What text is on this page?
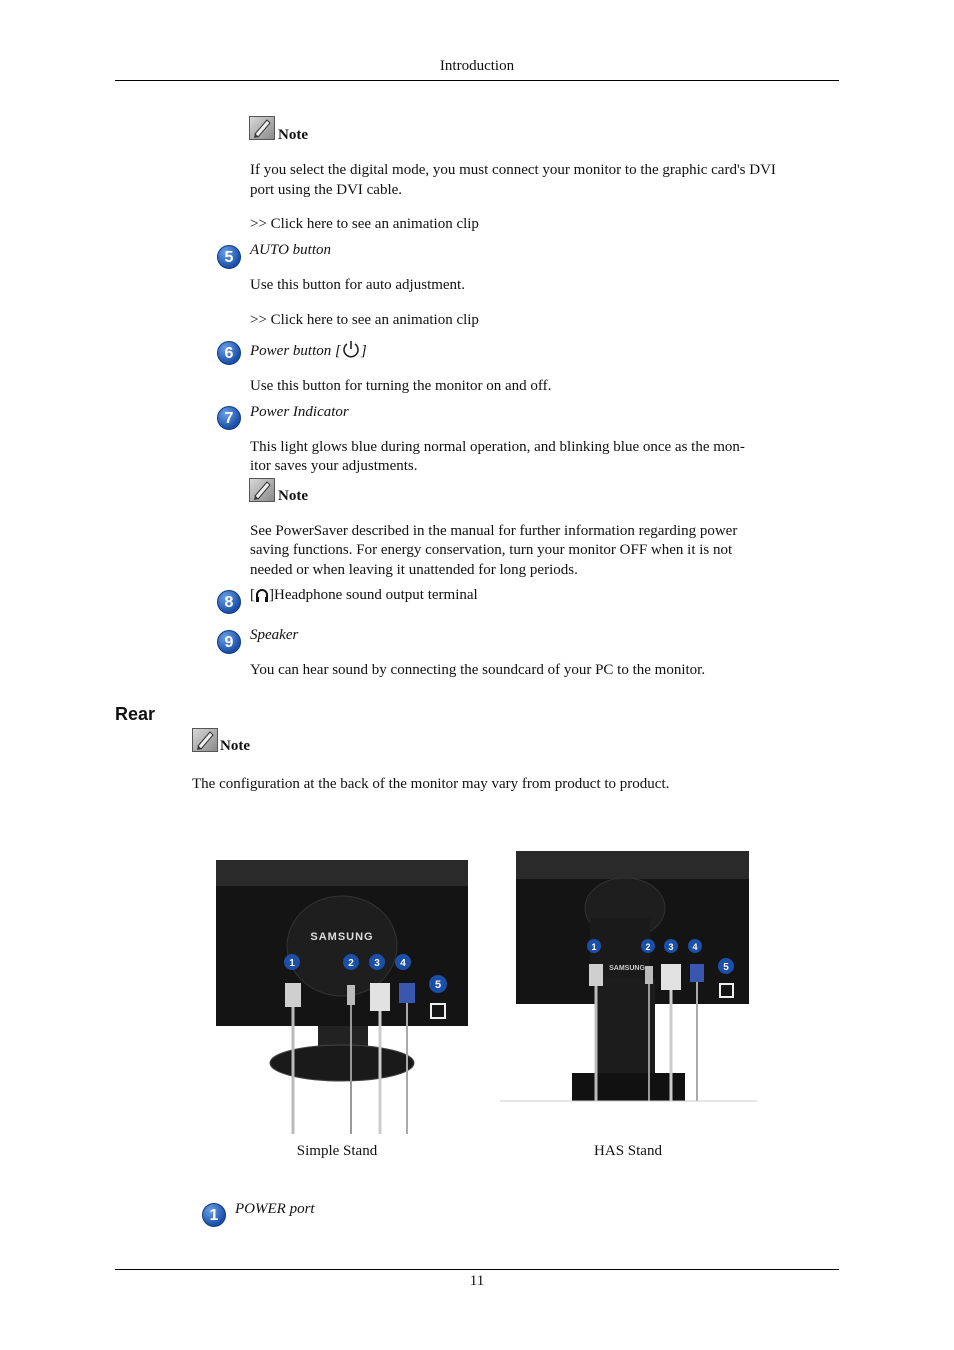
Introduction
Note
If you select the digital mode, you must connect your monitor to the graphic card's DVI port using the DVI cable.
>> Click here to see an animation clip
5	AUTO button
Use this button for auto adjustment.
>> Click here to see an animation clip
6	Power button [ ]
Use this button for turning the monitor on and off.
7	Power Indicator
This light glows blue during normal operation, and blinking blue once as the mon-
itor saves your adjustments.
Note
See PowerSaver described in the manual for further information regarding power
saving functions. For energy conservation, turn your monitor OFF when it is not
needed or when leaving it unattended for long periods.
8	[ ]Headphone sound output terminal
9	Speaker
You can hear sound by connecting the soundcard of your PC to the monitor.
Rear
Note
The configuration at the back of the monitor may vary from product to product.
SAMSUNG
1	2 3 4
5
Simple Stand
SAMSUNG
1	2 3 4
5
HAS Stand
1	POWER port
11
